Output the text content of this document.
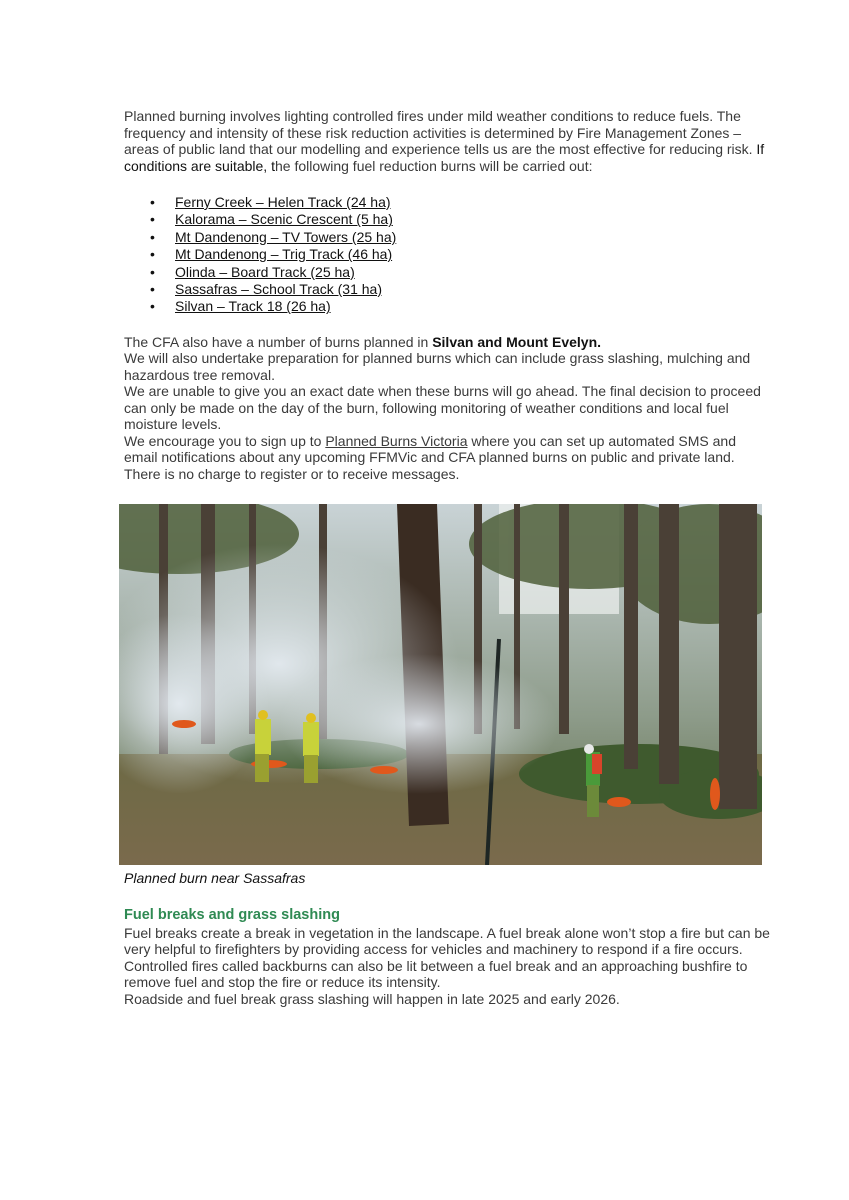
Planned burning involves lighting controlled fires under mild weather conditions to reduce fuels. The frequency and intensity of these risk reduction activities is determined by Fire Management Zones – areas of public land that our modelling and experience tells us are the most effective for reducing risk. If conditions are suitable, the following fuel reduction burns will be carried out:

• Ferny Creek – Helen Track (24 ha)
• Kalorama – Scenic Crescent (5 ha)
• Mt Dandenong – TV Towers (25 ha)
• Mt Dandenong – Trig Track (46 ha)
• Olinda – Board Track (25 ha)
• Sassafras – School Track (31 ha)
• Silvan – Track 18 (26 ha)

The CFA also have a number of burns planned in Silvan and Mount Evelyn.

We will also undertake preparation for planned burns which can include grass slashing, mulching and hazardous tree removal.

We are unable to give you an exact date when these burns will go ahead. The final decision to proceed can only be made on the day of the burn, following monitoring of weather conditions and local fuel moisture levels.

We encourage you to sign up to Planned Burns Victoria where you can set up automated SMS and email notifications about any upcoming FFMVic and CFA planned burns on public and private land. There is no charge to register or to receive messages.

Planned burn near Sassafras
Fuel breaks and grass slashing

Fuel breaks create a break in vegetation in the landscape. A fuel break alone won’t stop a fire but can be very helpful to firefighters by providing access for vehicles and machinery to respond if a fire occurs.

Controlled fires called backburns can also be lit between a fuel break and an approaching bushfire to remove fuel and stop the fire or reduce its intensity.

Roadside and fuel break grass slashing will happen in late 2025 and early 2026.
